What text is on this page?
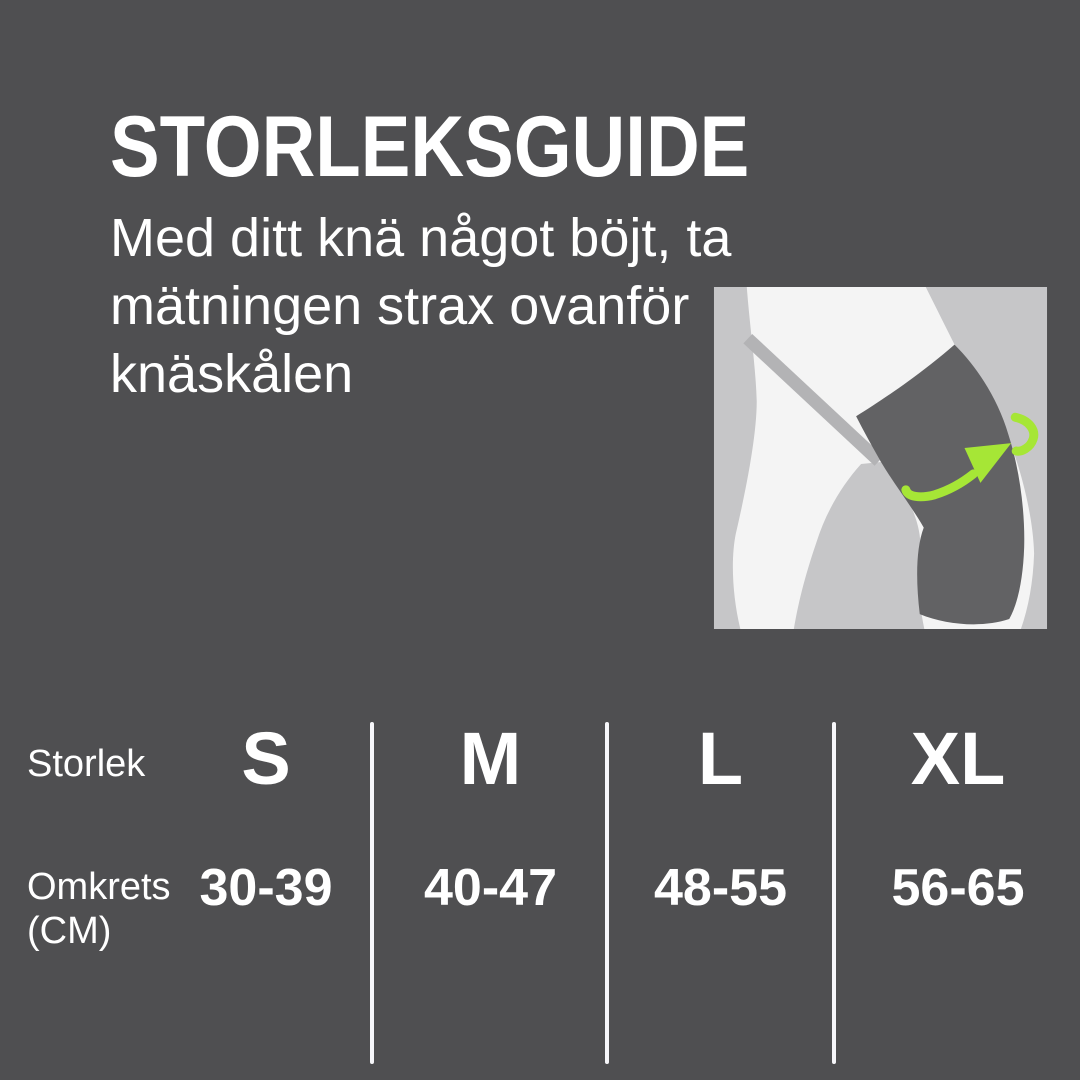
STORLEKSGUIDE
Med ditt knä något böjt, ta
mätningen strax ovanför
knäskålen
Storlek
Omkrets
(CM)
S
30-39
M
40-47
L
48-55
XL
56-65
